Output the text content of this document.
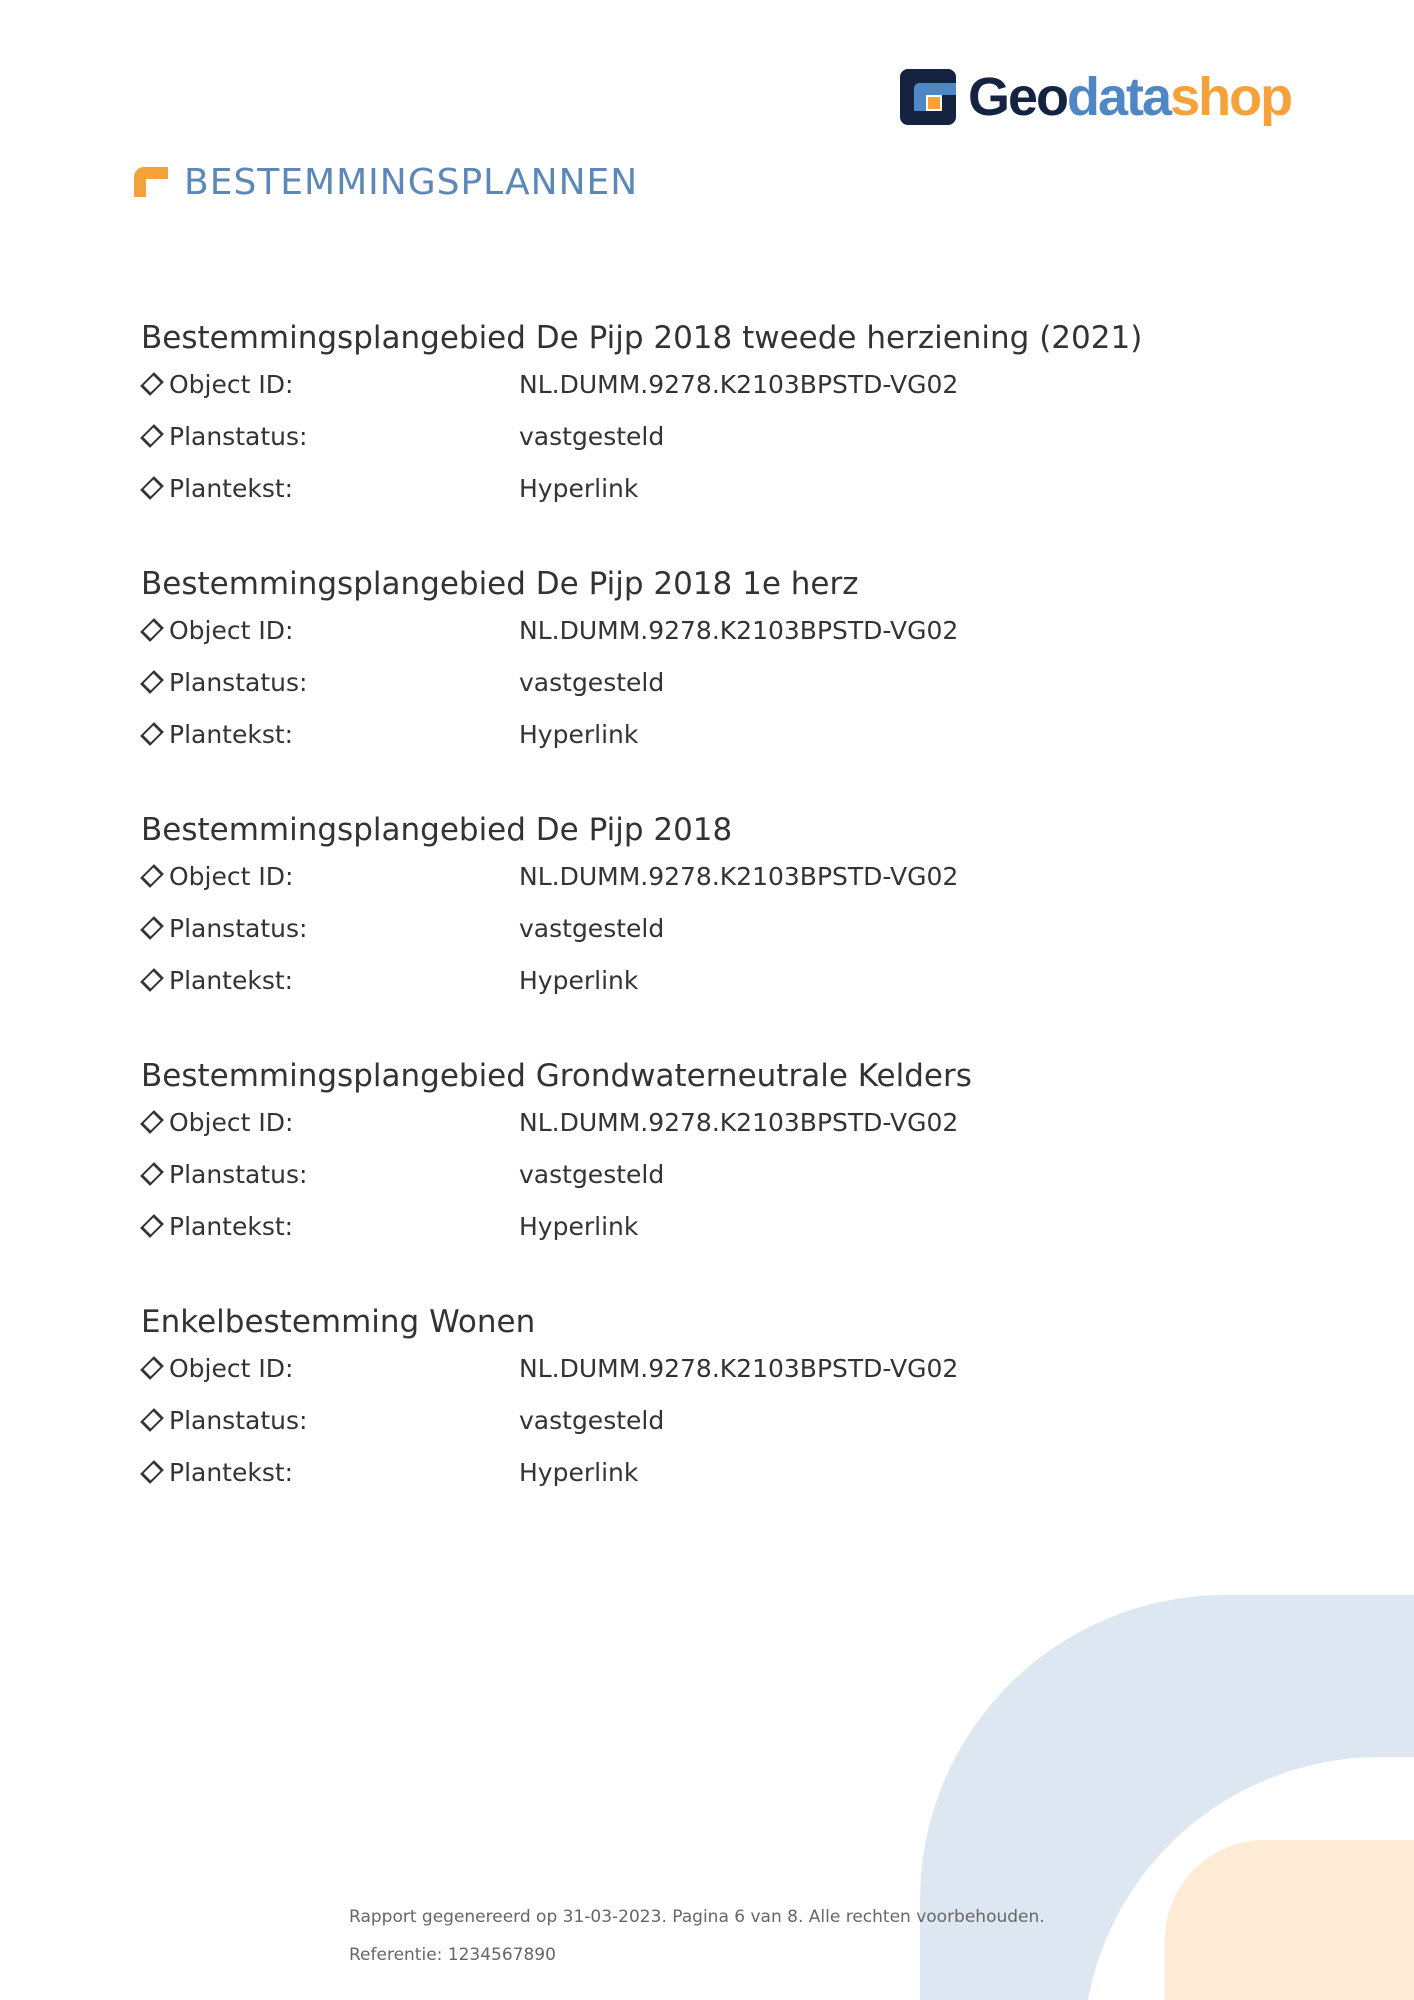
Geodatashop
BESTEMMINGSPLANNEN
Bestemmingsplangebied De Pijp 2018 tweede herziening (2021)
Object ID:	NL.DUMM.9278.K2103BPSTD-VG02
Planstatus:	vastgesteld
Plantekst:	Hyperlink
Bestemmingsplangebied De Pijp 2018 1e herz
Object ID:	NL.DUMM.9278.K2103BPSTD-VG02
Planstatus:	vastgesteld
Plantekst:	Hyperlink
Bestemmingsplangebied De Pijp 2018
Object ID:	NL.DUMM.9278.K2103BPSTD-VG02
Planstatus:	vastgesteld
Plantekst:	Hyperlink
Bestemmingsplangebied Grondwaterneutrale Kelders
Object ID:	NL.DUMM.9278.K2103BPSTD-VG02
Planstatus:	vastgesteld
Plantekst:	Hyperlink
Enkelbestemming Wonen
Object ID:	NL.DUMM.9278.K2103BPSTD-VG02
Planstatus:	vastgesteld
Plantekst:	Hyperlink
Rapport gegenereerd op 31-03-2023. Pagina 6 van 8. Alle rechten voorbehouden.
Referentie: 1234567890
